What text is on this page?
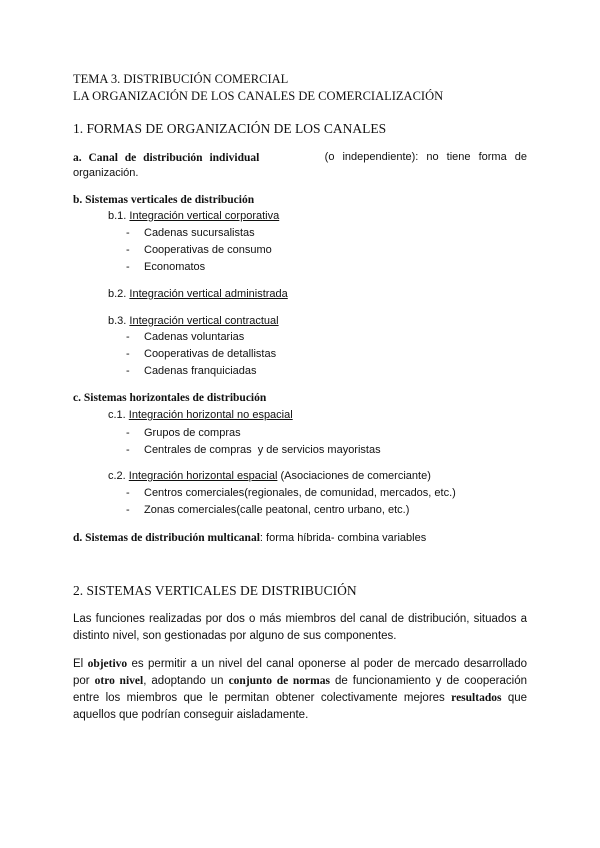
TEMA 3. DISTRIBUCIÓN COMERCIAL
LA ORGANIZACIÓN DE LOS CANALES DE COMERCIALIZACIÓN
1. FORMAS DE ORGANIZACIÓN DE LOS CANALES
a. Canal de distribución individual	(o independiente): no tiene forma de
organización.
b. Sistemas verticales de distribución
b.1. Integración vertical corporativa
- Cadenas sucursalistas
- Cooperativas de consumo
- Economatos
b.2. Integración vertical administrada
b.3. Integración vertical contractual
- Cadenas voluntarias
- Cooperativas de detallistas
- Cadenas franquiciadas
c. Sistemas horizontales de distribución
c.1. Integración horizontal no espacial
- Grupos de compras
- Centrales de compras  y de servicios mayoristas
c.2. Integración horizontal espacial (Asociaciones de comerciante)
- Centros comerciales(regionales, de comunidad, mercados, etc.)
- Zonas comerciales(calle peatonal, centro urbano, etc.)
d. Sistemas de distribución multicanal: forma híbrida- combina variables
2. SISTEMAS VERTICALES DE DISTRIBUCIÓN
Las funciones realizadas por dos o más miembros del canal de distribución, situados a distinto nivel, son gestionadas por alguno de sus componentes.
El objetivo es permitir a un nivel del canal oponerse al poder de mercado desarrollado por otro nivel, adoptando un conjunto de normas de funcionamiento y de cooperación entre los miembros que le permitan obtener colectivamente mejores resultados que aquellos que podrían conseguir aisladamente.
